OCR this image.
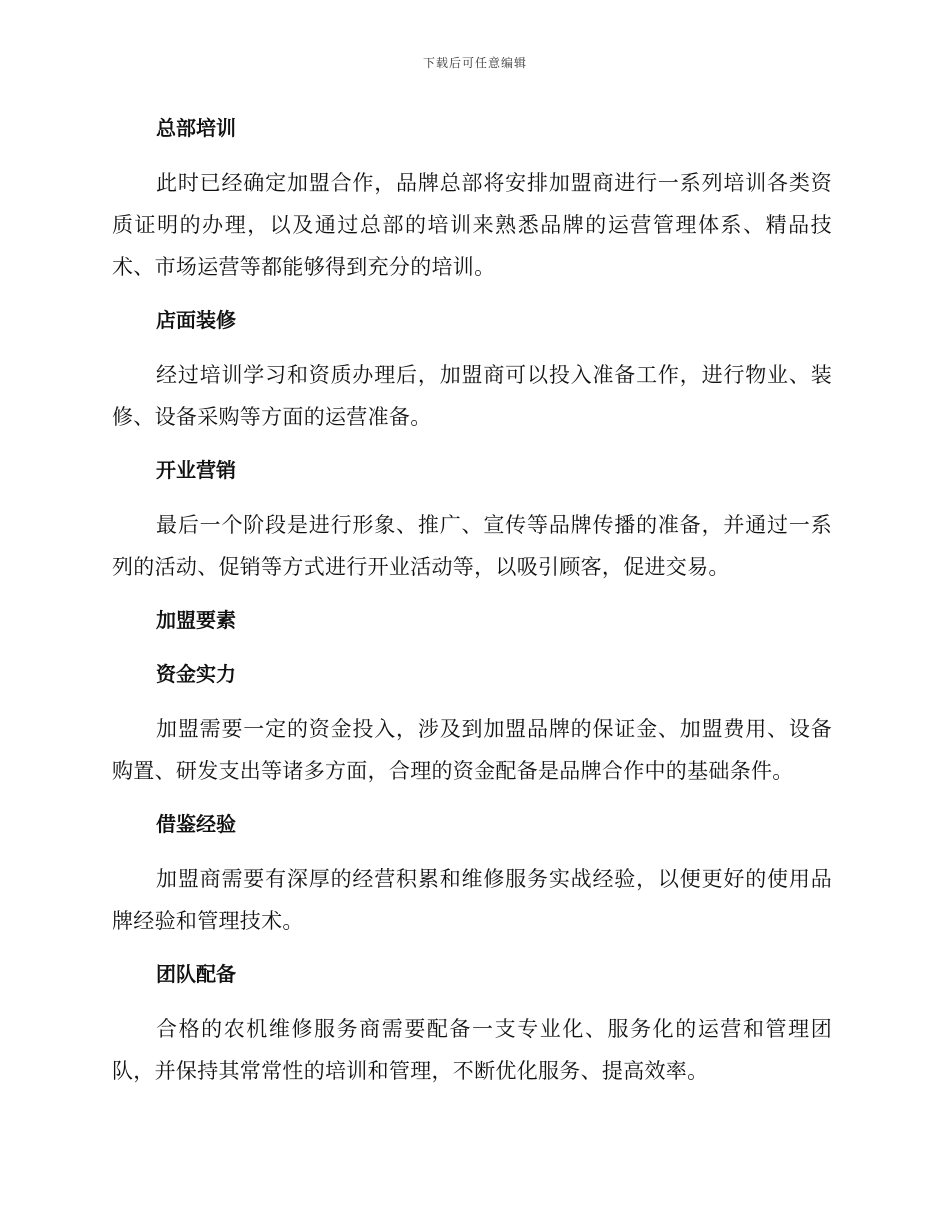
下载后可任意编辑
总部培训

此时已经确定加盟合作，品牌总部将安排加盟商进行一系列培训各类资质证明的办理，以及通过总部的培训来熟悉品牌的运营管理体系、精品技术、市场运营等都能够得到充分的培训。

店面装修

经过培训学习和资质办理后，加盟商可以投入准备工作，进行物业、装修、设备采购等方面的运营准备。

开业营销

最后一个阶段是进行形象、推广、宣传等品牌传播的准备，并通过一系列的活动、促销等方式进行开业活动等，以吸引顾客，促进交易。

加盟要素
资金实力

加盟需要一定的资金投入，涉及到加盟品牌的保证金、加盟费用、设备购置、研发支出等诸多方面，合理的资金配备是品牌合作中的基础条件。

借鉴经验

加盟商需要有深厚的经营积累和维修服务实战经验，以便更好的使用品牌经验和管理技术。

团队配备

合格的农机维修服务商需要配备一支专业化、服务化的运营和管理团队，并保持其常常性的培训和管理，不断优化服务、提高效率。
